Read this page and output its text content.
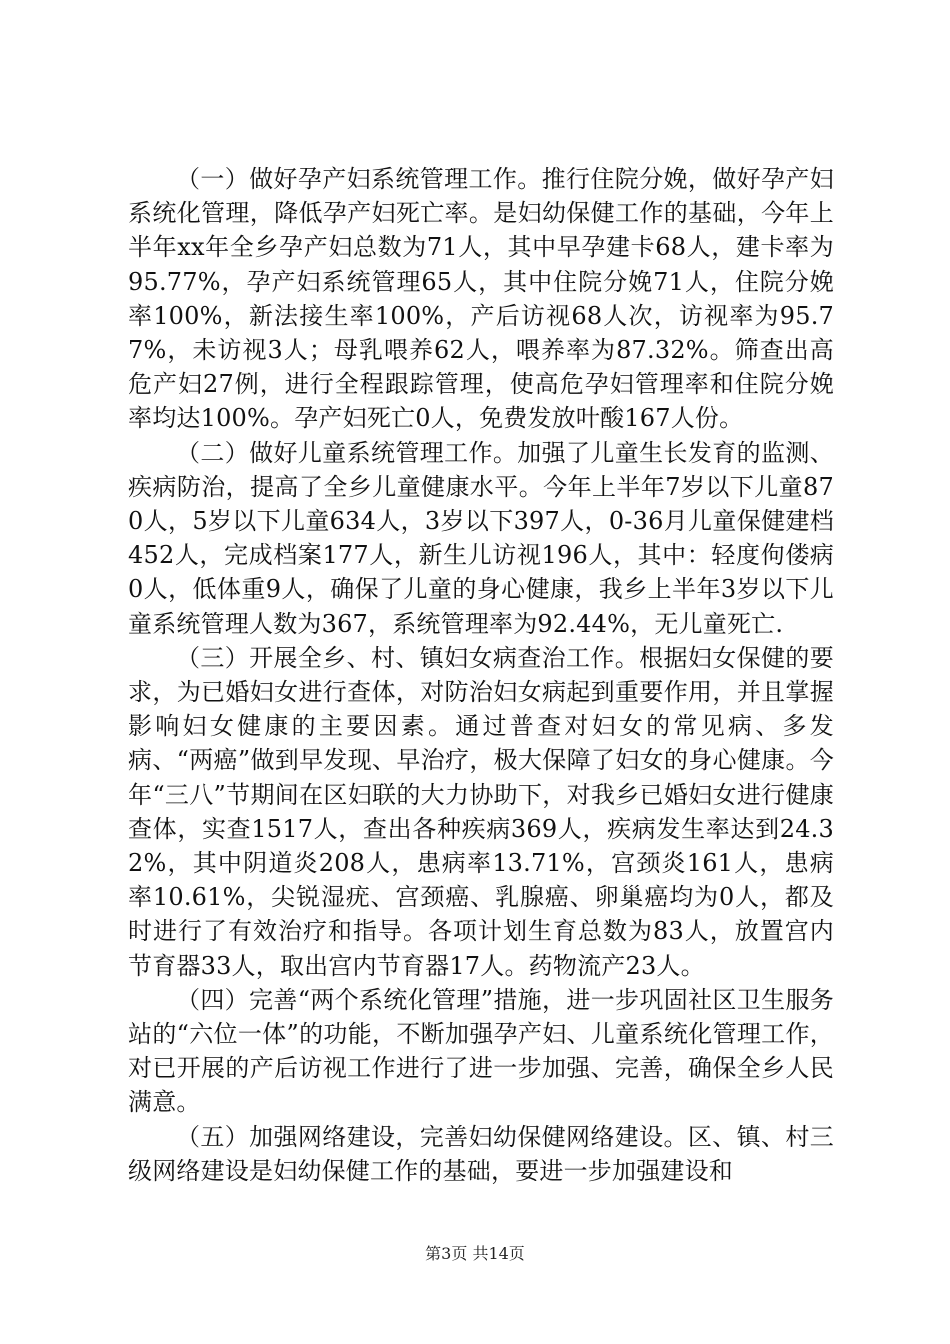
（一）做好孕产妇系统管理工作。推行住院分娩，做好孕产妇系统化管理，降低孕产妇死亡率。是妇幼保健工作的基础，今年上半年xx年全乡孕产妇总数为71人，其中早孕建卡68人，建卡率为95.77%，孕产妇系统管理65人，其中住院分娩71人，住院分娩率100%，新法接生率100%，产后访视68人次，访视率为95.77%，未访视3人；母乳喂养62人，喂养率为87.32%。筛查出高危产妇27例，进行全程跟踪管理，使高危孕妇管理率和住院分娩率均达100%。孕产妇死亡0人，免费发放叶酸167人份。

（二）做好儿童系统管理工作。加强了儿童生长发育的监测、疾病防治，提高了全乡儿童健康水平。今年上半年7岁以下儿童870人，5岁以下儿童634人，3岁以下397人，0-36月儿童保健建档452人，完成档案177人，新生儿访视196人，其中：轻度佝偻病0人，低体重9人，确保了儿童的身心健康，我乡上半年3岁以下儿童系统管理人数为367，系统管理率为92.44%，无儿童死亡.

（三）开展全乡、村、镇妇女病查治工作。根据妇女保健的要求，为已婚妇女进行查体，对防治妇女病起到重要作用，并且掌握影响妇女健康的主要因素。通过普查对妇女的常见病、多发病、“两癌”做到早发现、早治疗，极大保障了妇女的身心健康。今年“三八”节期间在区妇联的大力协助下，对我乡已婚妇女进行健康查体，实查1517人，查出各种疾病369人，疾病发生率达到24.32%，其中阴道炎208人，患病率13.71%，宫颈炎161人，患病率10.61%，尖锐湿疣、宫颈癌、乳腺癌、卵巢癌均为0人，都及时进行了有效治疗和指导。各项计划生育总数为83人，放置宫内节育器33人，取出宫内节育器17人。药物流产23人。

（四）完善“两个系统化管理”措施，进一步巩固社区卫生服务站的“六位一体”的功能，不断加强孕产妇、儿童系统化管理工作，对已开展的产后访视工作进行了进一步加强、完善，确保全乡人民满意。

（五）加强网络建设，完善妇幼保健网络建设。区、镇、村三级网络建设是妇幼保健工作的基础，要进一步加强建设和

第3页 共14页
